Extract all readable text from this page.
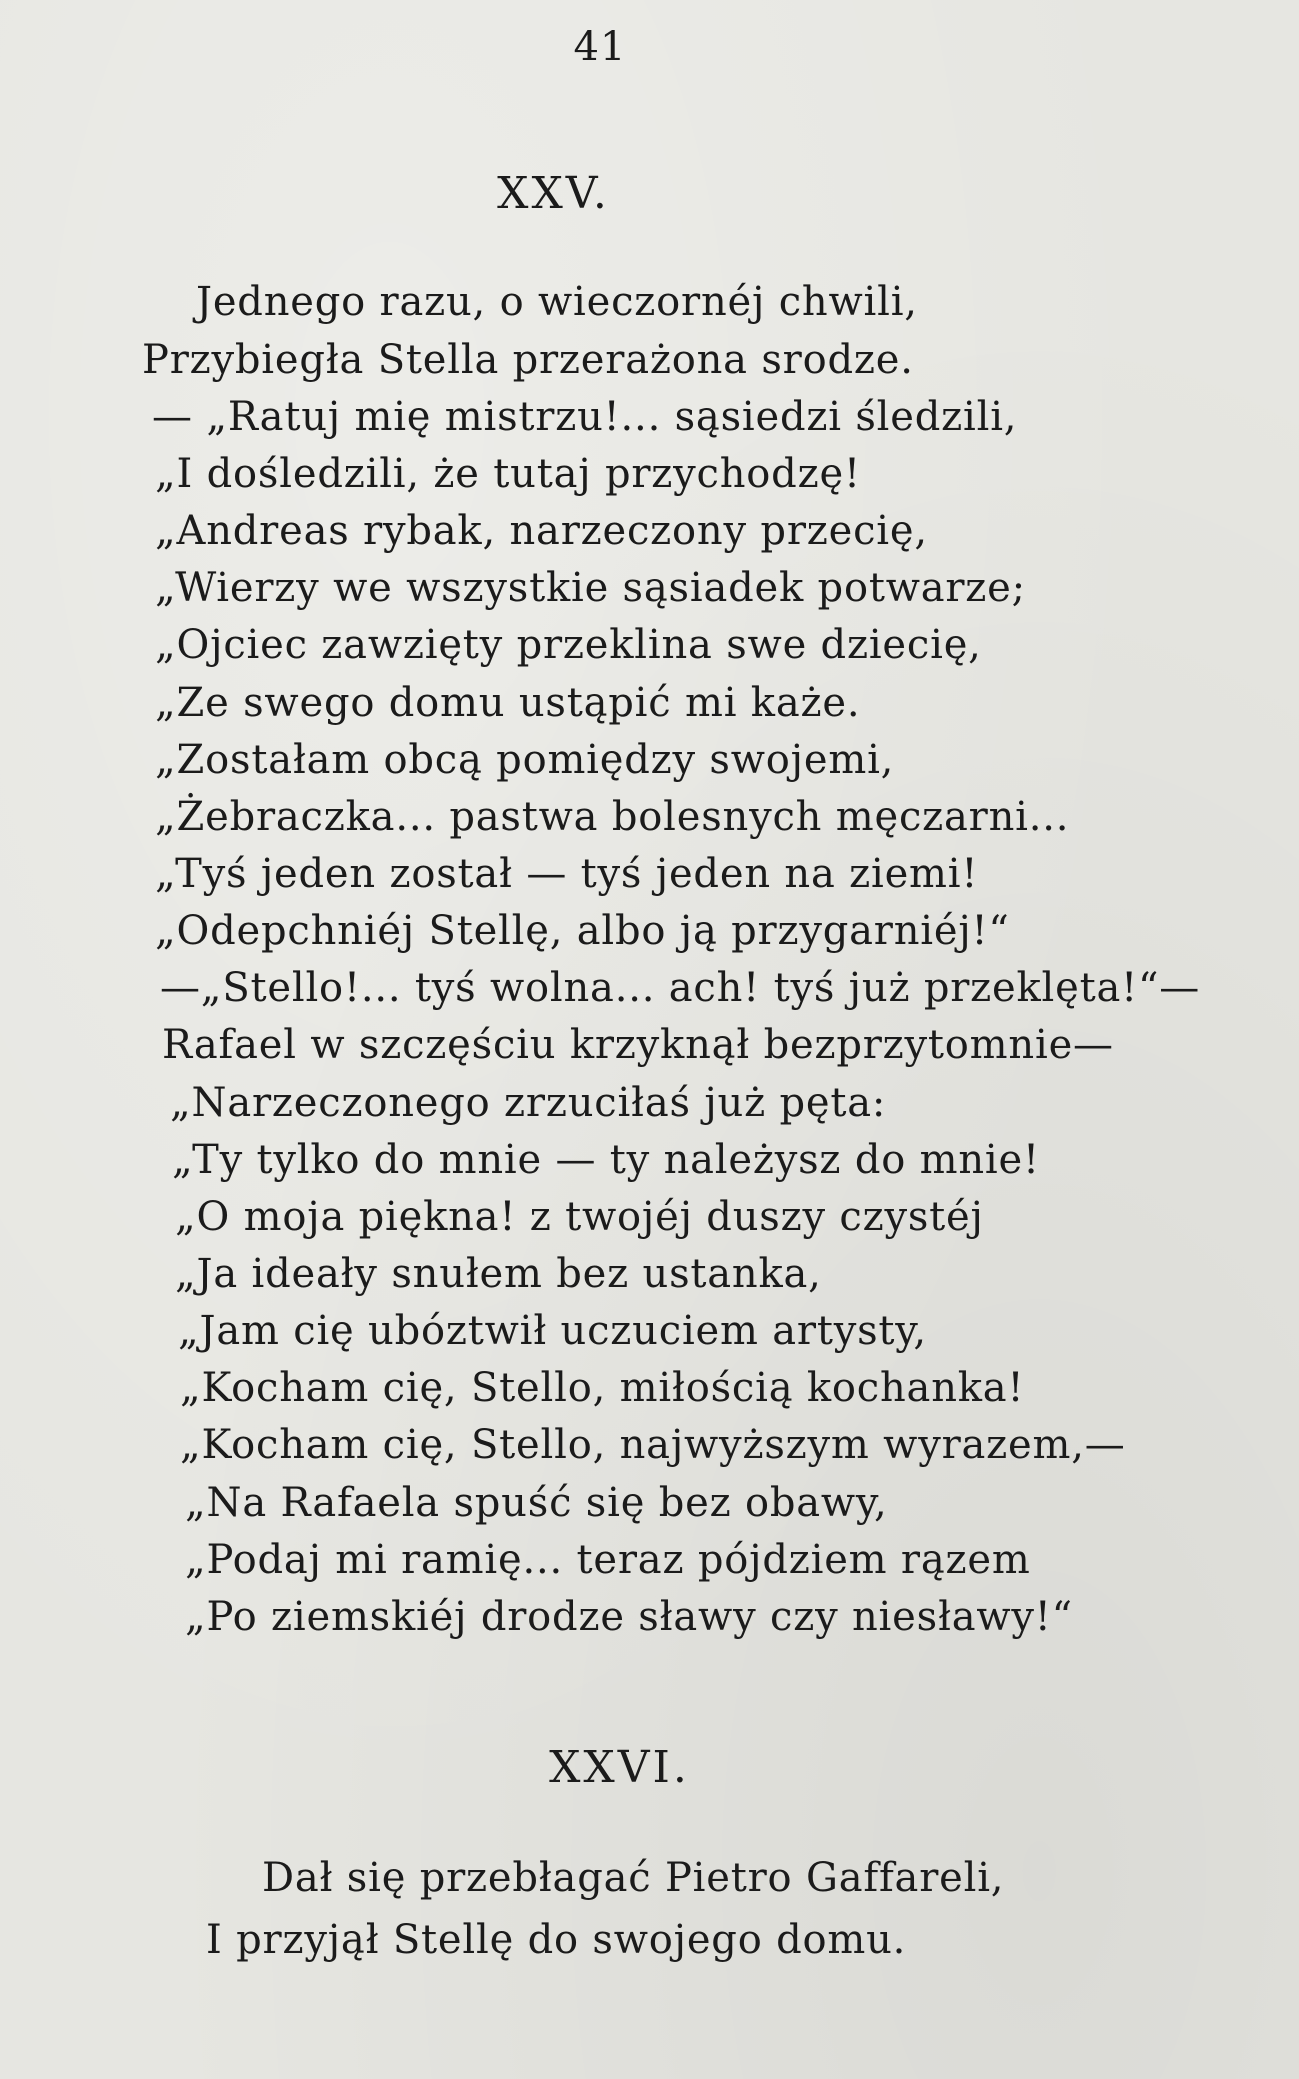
41
XXV.
Jednego razu, o wieczornéj chwili,
Przybiegła Stella przerażona srodze.
— „Ratuj mię mistrzu!... sąsiedzi śledzili,
„I dośledzili, że tutaj przychodzę!
„Andreas rybak, narzeczony przecię,
„Wierzy we wszystkie sąsiadek potwarze;
„Ojciec zawzięty przeklina swe dziecię,
„Ze swego domu ustąpić mi każe.
„Zostałam obcą pomiędzy swojemi,
„Żebraczka... pastwa bolesnych męczarni...
„Tyś jeden został — tyś jeden na ziemi!
„Odepchniéj Stellę, albo ją przygarniéj!“
—„Stello!... tyś wolna... ach! tyś już przeklęta!“—
Rafael w szczęściu krzyknął bezprzytomnie—
„Narzeczonego zrzuciłaś już pęta:
„Ty tylko do mnie — ty należysz do mnie!
„O moja piękna! z twojéj duszy czystéj
„Ja ideały snułem bez ustanka,
„Jam cię ubóztwił uczuciem artysty,
„Kocham cię, Stello, miłością kochanka!
„Kocham cię, Stello, najwyższym wyrazem,—
„Na Rafaela spuść się bez obawy,
„Podaj mi ramię... teraz pójdziem rązem
„Po ziemskiéj drodze sławy czy niesławy!“
XXVI.
Dał się przebłagać Pietro Gaffareli,
I przyjął Stellę do swojego domu.
